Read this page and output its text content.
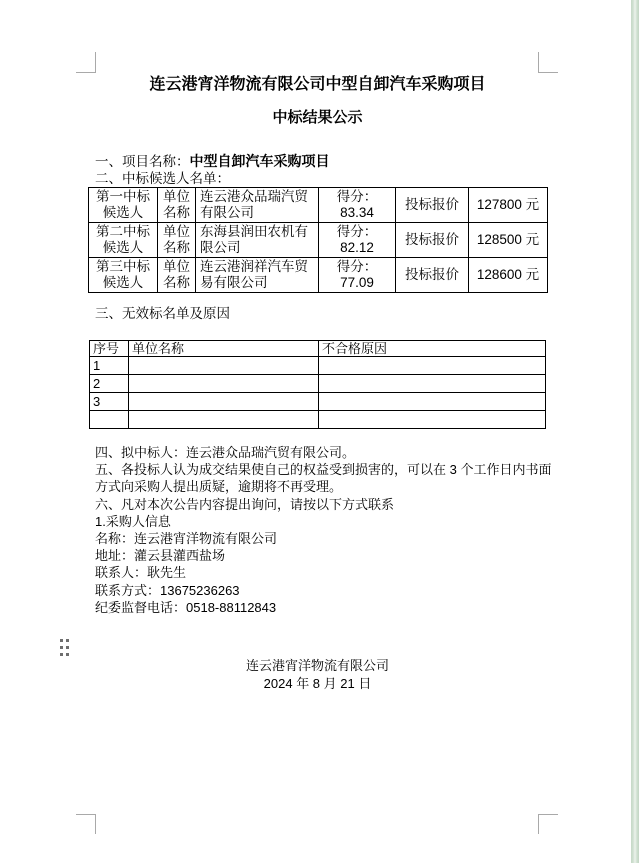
连云港宵洋物流有限公司中型自卸汽车采购项目
中标结果公示
一、项目名称：中型自卸汽车采购项目
二、中标候选人名单：
第一中标候选人	单位名称	连云港众品瑞汽贸有限公司	得分：83.34	投标报价	127800 元
第二中标候选人	单位名称	东海县润田农机有限公司	得分：82.12	投标报价	128500 元
第三中标候选人	单位名称	连云港润祥汽车贸易有限公司	得分：77.09	投标报价	128600 元
三、无效标名单及原因
序号	单位名称	不合格原因
1		
2		
3		

四、拟中标人：连云港众品瑞汽贸有限公司。
五、各投标人认为成交结果使自己的权益受到损害的，可以在 3 个工作日内书面
方式向采购人提出质疑，逾期将不再受理。
六、凡对本次公告内容提出询问，请按以下方式联系
1.采购人信息
名称：连云港宵洋物流有限公司
地址：灌云县灌西盐场
联系人：耿先生
联系方式：13675236263
纪委监督电话：0518-88112843
连云港宵洋物流有限公司
2024 年 8 月 21 日
